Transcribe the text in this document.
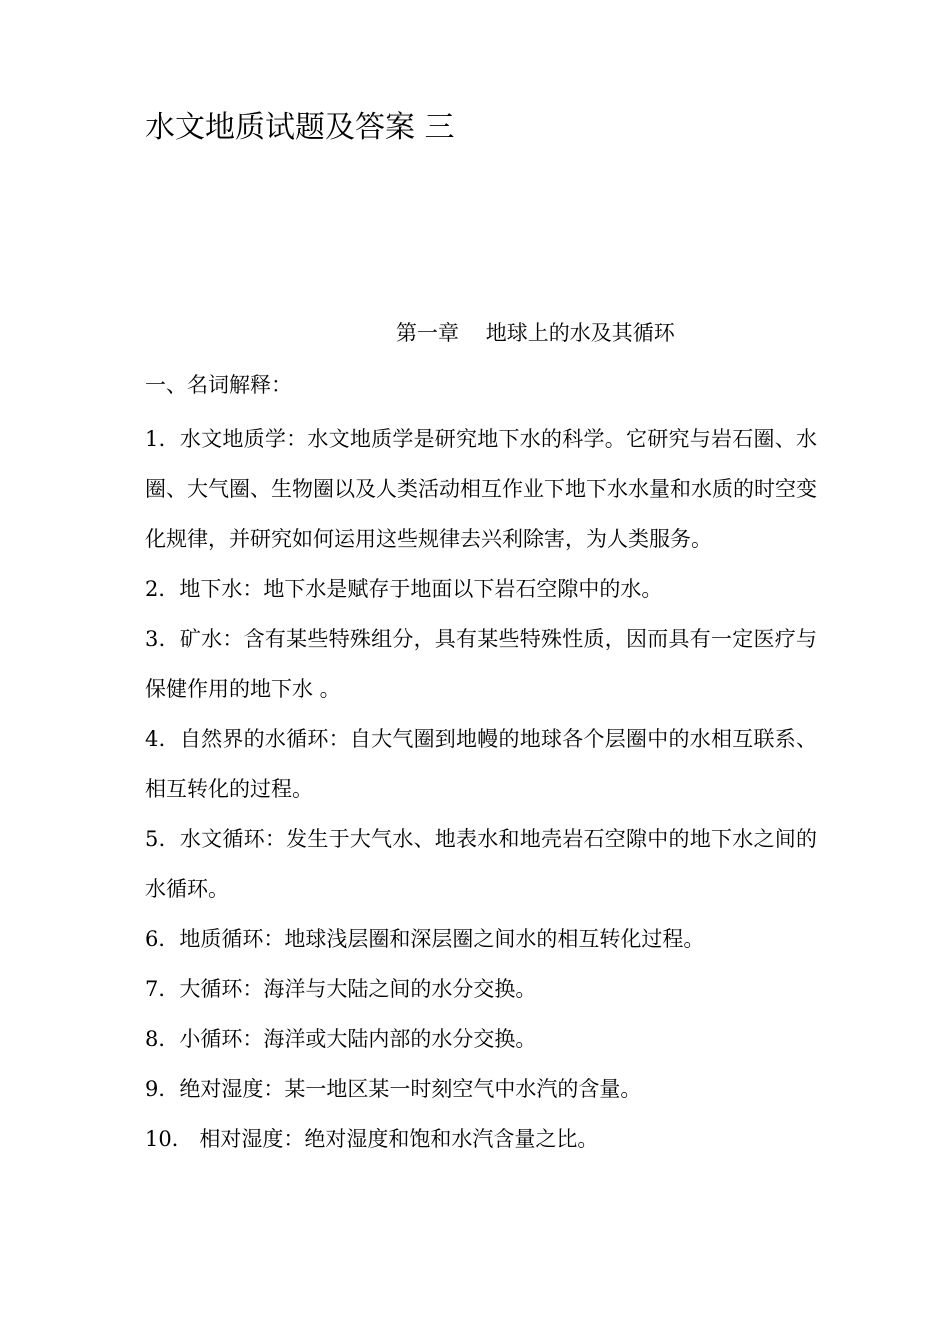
水文地质试题及答案 三
第一章    地球上的水及其循环
一、名词解释：
1．水文地质学：水文地质学是研究地下水的科学。它研究与岩石圈、水圈、大气圈、生物圈以及人类活动相互作业下地下水水量和水质的时空变化规律，并研究如何运用这些规律去兴利除害，为人类服务。
2．地下水：地下水是赋存于地面以下岩石空隙中的水。
3．矿水：含有某些特殊组分，具有某些特殊性质，因而具有一定医疗与保健作用的地下水 。
4．自然界的水循环：自大气圈到地幔的地球各个层圈中的水相互联系、相互转化的过程。
5．水文循环：发生于大气水、地表水和地壳岩石空隙中的地下水之间的水循环。
6．地质循环：地球浅层圈和深层圈之间水的相互转化过程。
7．大循环：海洋与大陆之间的水分交换。
8．小循环：海洋或大陆内部的水分交换。
9．绝对湿度：某一地区某一时刻空气中水汽的含量。
10． 相对湿度：绝对湿度和饱和水汽含量之比。
